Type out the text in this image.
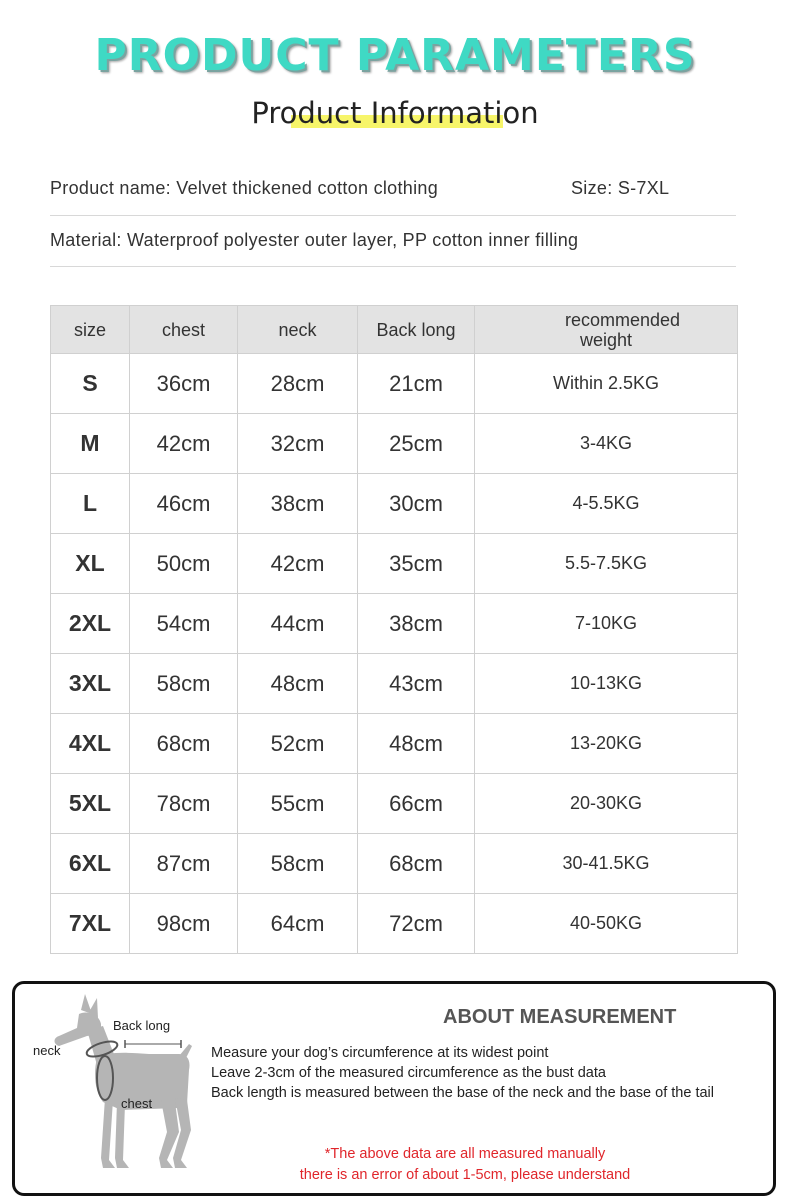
PRODUCT PARAMETERS
Product Information
Product name: Velvet thickened cotton clothing	Size: S-7XL
Material: Waterproof polyester outer layer, PP cotton inner filling
size	chest	neck	Back long	recommended weight
S	36cm	28cm	21cm	Within 2.5KG
M	42cm	32cm	25cm	3-4KG
L	46cm	38cm	30cm	4-5.5KG
XL	50cm	42cm	35cm	5.5-7.5KG
2XL	54cm	44cm	38cm	7-10KG
3XL	58cm	48cm	43cm	10-13KG
4XL	68cm	52cm	48cm	13-20KG
5XL	78cm	55cm	66cm	20-30KG
6XL	87cm	58cm	68cm	30-41.5KG
7XL	98cm	64cm	72cm	40-50KG
Back long
neck
chest
ABOUT MEASUREMENT
Measure your dog’s circumference at its widest point
Leave 2-3cm of the measured circumference as the bust data
Back length is measured between the base of the neck and the base of the tail
*The above data are all measured manually
there is an error of about 1-5cm, please understand
